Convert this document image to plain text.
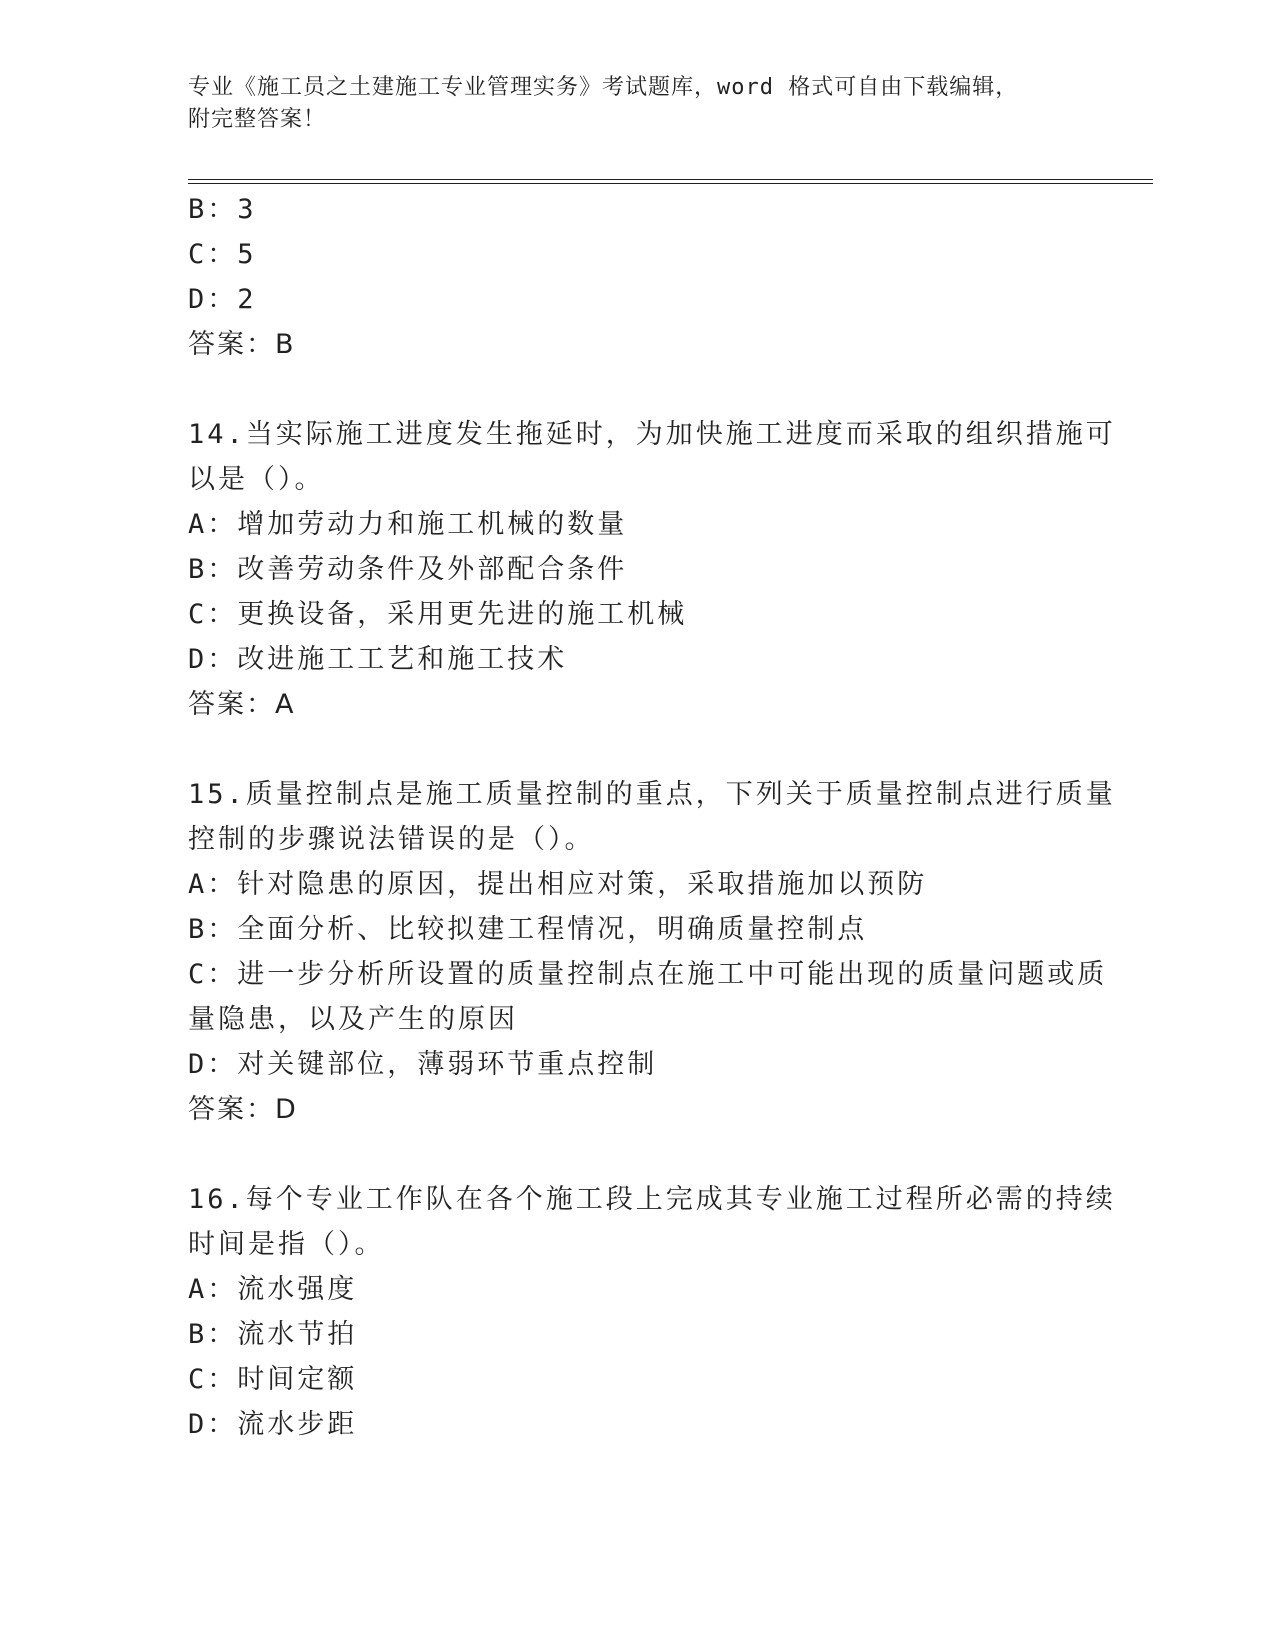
专业《施工员之土建施工专业管理实务》考试题库，word 格式可自由下载编辑，
附完整答案！
B：3
C：5
D：2
答案：B
14.当实际施工进度发生拖延时，为加快施工进度而采取的组织措施可
以是（）。
A：增加劳动力和施工机械的数量
B：改善劳动条件及外部配合条件
C：更换设备，采用更先进的施工机械
D：改进施工工艺和施工技术
答案：A
15.质量控制点是施工质量控制的重点，下列关于质量控制点进行质量
控制的步骤说法错误的是（）。
A：针对隐患的原因，提出相应对策，采取措施加以预防
B：全面分析、比较拟建工程情况，明确质量控制点
C：进一步分析所设置的质量控制点在施工中可能出现的质量问题或质
量隐患，以及产生的原因
D：对关键部位，薄弱环节重点控制
答案：D
16.每个专业工作队在各个施工段上完成其专业施工过程所必需的持续
时间是指（）。
A：流水强度
B：流水节拍
C：时间定额
D：流水步距
